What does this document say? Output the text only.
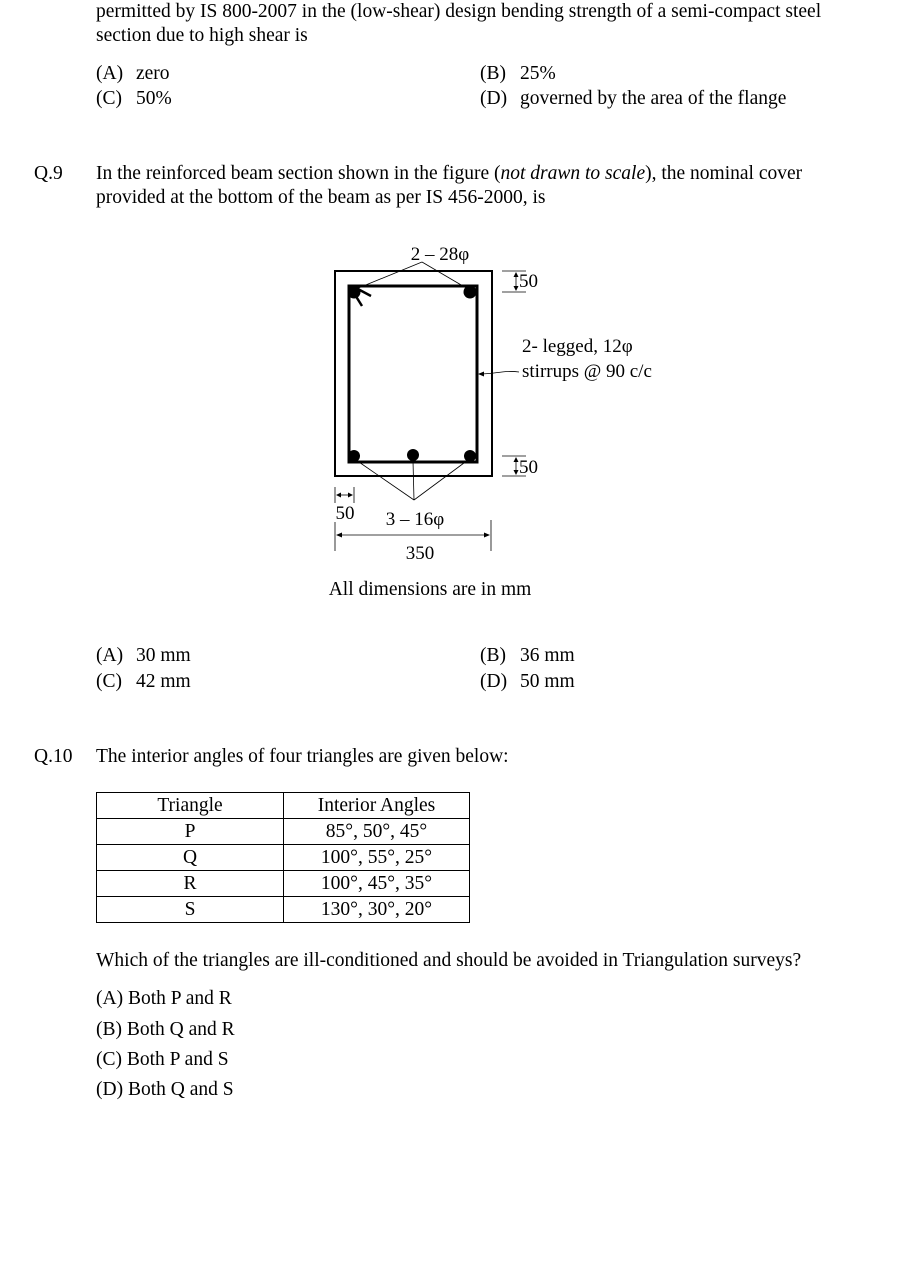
permitted by IS 800-2007 in the (low-shear) design bending strength of a semi-compact steel
section due to high shear is
(A) zero	(B) 25%
(C) 50%	(D) governed by the area of the flange
Q.9 In the reinforced beam section shown in the figure (not drawn to scale), the nominal cover
provided at the bottom of the beam as per IS 456-2000, is
2 – 28φ
50
50
2- legged, 12φ
stirrups @ 90 c/c
3 – 16φ
50
350
All dimensions are in mm
(A) 30 mm	(B) 36 mm
(C) 42 mm	(D) 50 mm
Q.10 The interior angles of four triangles are given below:
Triangle	Interior Angles
P	85°, 50°, 45°
Q	100°, 55°, 25°
R	100°, 45°, 35°
S	130°, 30°, 20°
Which of the triangles are ill-conditioned and should be avoided in Triangulation surveys?
(A) Both P and R
(B) Both Q and R
(C) Both P and S
(D) Both Q and S
